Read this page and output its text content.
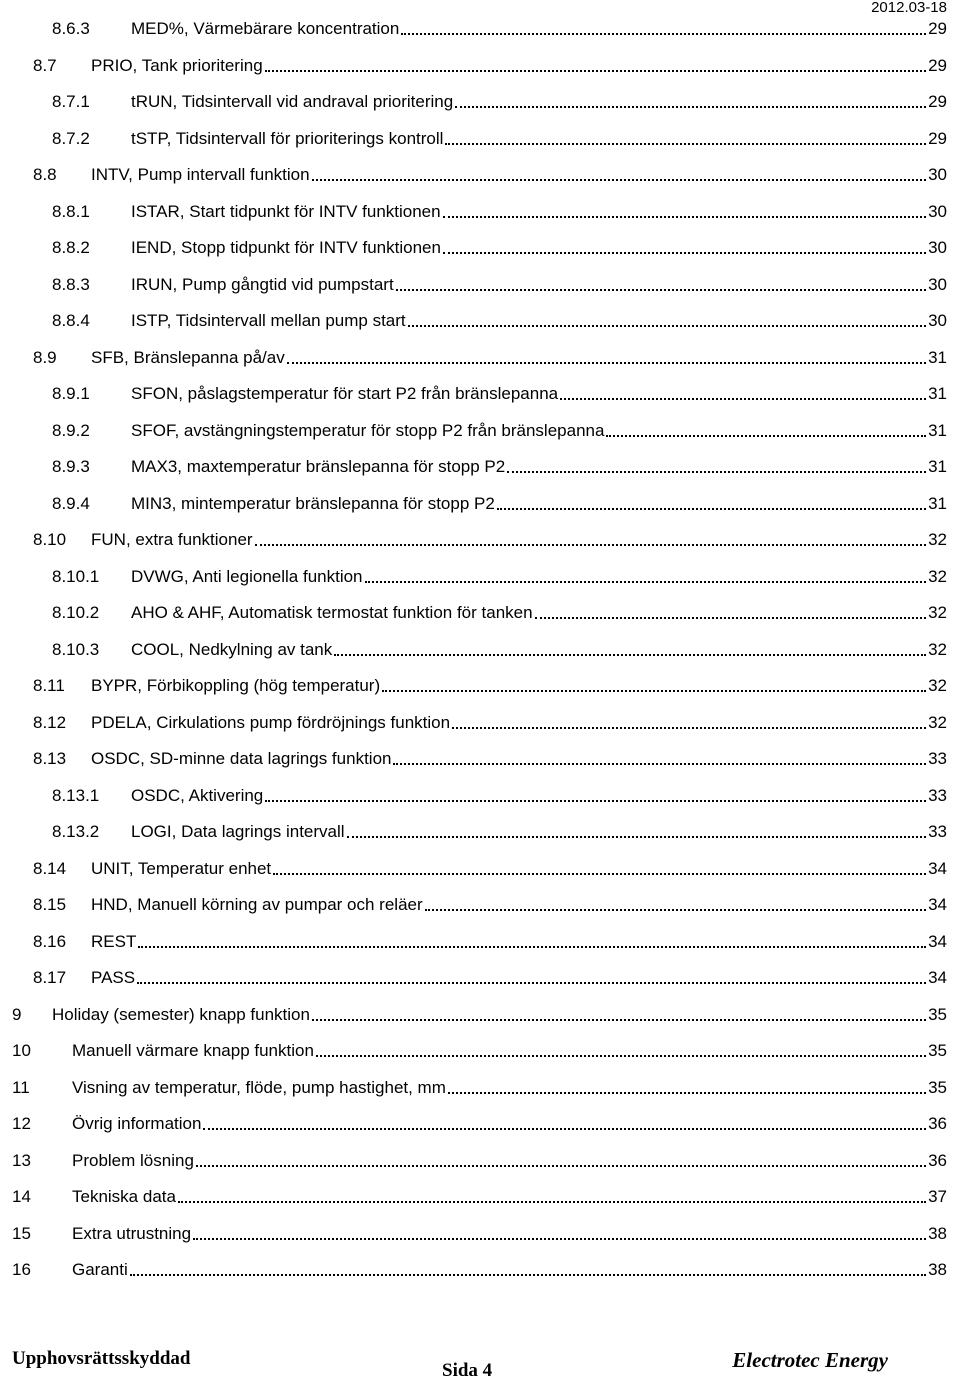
2012.03-18
8.6.3 MED%, Värmebärare koncentration	29
8.7 PRIO, Tank prioritering	29
8.7.1 tRUN, Tidsintervall vid andraval prioritering	29
8.7.2 tSTP, Tidsintervall för prioriterings kontroll	29
8.8 INTV, Pump intervall funktion	30
8.8.1 ISTAR, Start tidpunkt för INTV funktionen	30
8.8.2 IEND, Stopp tidpunkt för INTV funktionen	30
8.8.3 IRUN, Pump gångtid vid pumpstart	30
8.8.4 ISTP, Tidsintervall mellan pump start	30
8.9 SFB, Bränslepanna på/av	31
8.9.1 SFON, påslagstemperatur för start P2 från bränslepanna	31
8.9.2 SFOF, avstängningstemperatur för stopp P2 från bränslepanna	31
8.9.3 MAX3, maxtemperatur bränslepanna för stopp P2	31
8.9.4 MIN3, mintemperatur bränslepanna för stopp P2	31
8.10 FUN, extra funktioner	32
8.10.1 DVWG, Anti legionella funktion	32
8.10.2 AHO & AHF, Automatisk termostat funktion för tanken	32
8.10.3 COOL, Nedkylning av tank	32
8.11 BYPR, Förbikoppling (hög temperatur)	32
8.12 PDELA, Cirkulations pump fördröjnings funktion	32
8.13 OSDC, SD-minne data lagrings funktion	33
8.13.1 OSDC, Aktivering	33
8.13.2 LOGI, Data lagrings intervall	33
8.14 UNIT, Temperatur enhet	34
8.15 HND, Manuell körning av pumpar och reläer	34
8.16 REST	34
8.17 PASS	34
9 Holiday (semester) knapp funktion	35
10 Manuell värmare knapp funktion	35
11 Visning av temperatur, flöde, pump hastighet, mm	35
12 Övrig information	36
13 Problem lösning	36
14 Tekniska data	37
15 Extra utrustning	38
16 Garanti	38
Upphovsrättsskyddad
Sida 4	Electrotec Energy
